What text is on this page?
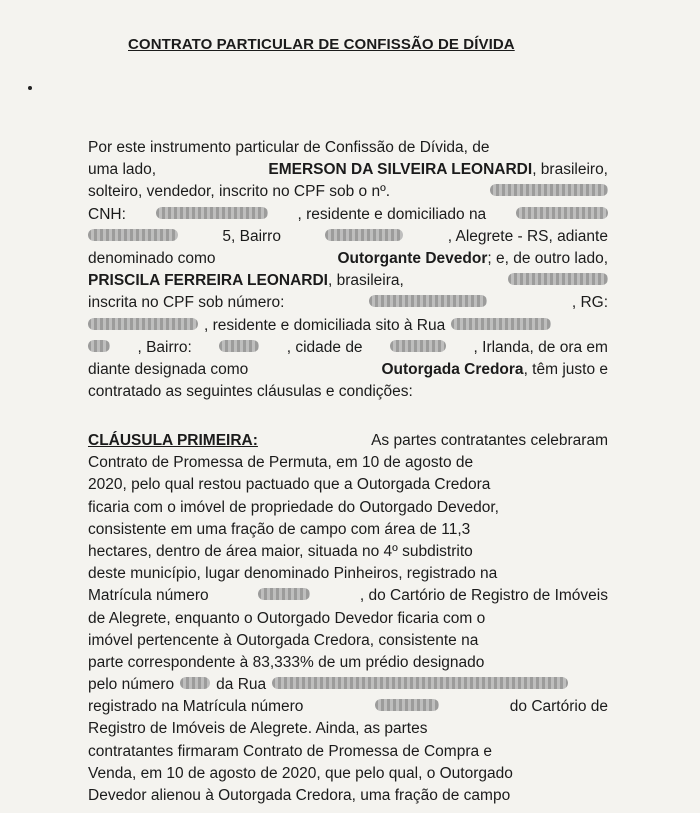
CONTRATO PARTICULAR DE CONFISSÃO DE DÍVIDA
Por este instrumento particular de Confissão de Dívida, de
uma lado,	EMERSON DA SILVEIRA LEONARDI, brasileiro,
solteiro, vendedor, inscrito no CPF sob o nº.
CNH:	, residente e domiciliado na
5, Bairro	, Alegrete - RS, adiante
denominado como	Outorgante Devedor; e, de outro lado,
PRISCILA FERREIRA LEONARDI, brasileira,
inscrita no CPF sob número:	, RG:
, residente e domiciliada sito à Rua
, Bairro:	, cidade de	, Irlanda, de ora em
diante designada como	Outorgada Credora, têm justo e
contratado as seguintes cláusulas e condições:
CLÁUSULA PRIMEIRA:	As partes contratantes celebraram
Contrato de Promessa de Permuta, em 10 de agosto de
2020, pelo qual restou pactuado que a Outorgada Credora
ficaria com o imóvel de propriedade do Outorgado Devedor,
consistente em uma fração de campo com área de 11,3
hectares, dentro de área maior, situada no 4º subdistrito
deste município, lugar denominado Pinheiros, registrado na
Matrícula número	, do Cartório de Registro de Imóveis
de Alegrete, enquanto o Outorgado Devedor ficaria com o
imóvel pertencente à Outorgada Credora, consistente na
parte correspondente à 83,333% de um prédio designado
pelo número	da Rua
registrado na Matrícula número	do Cartório de
Registro de Imóveis de Alegrete. Ainda, as partes
contratantes firmaram Contrato de Promessa de Compra e
Venda, em 10 de agosto de 2020, que pelo qual, o Outorgado
Devedor alienou à Outorgada Credora, uma fração de campo
